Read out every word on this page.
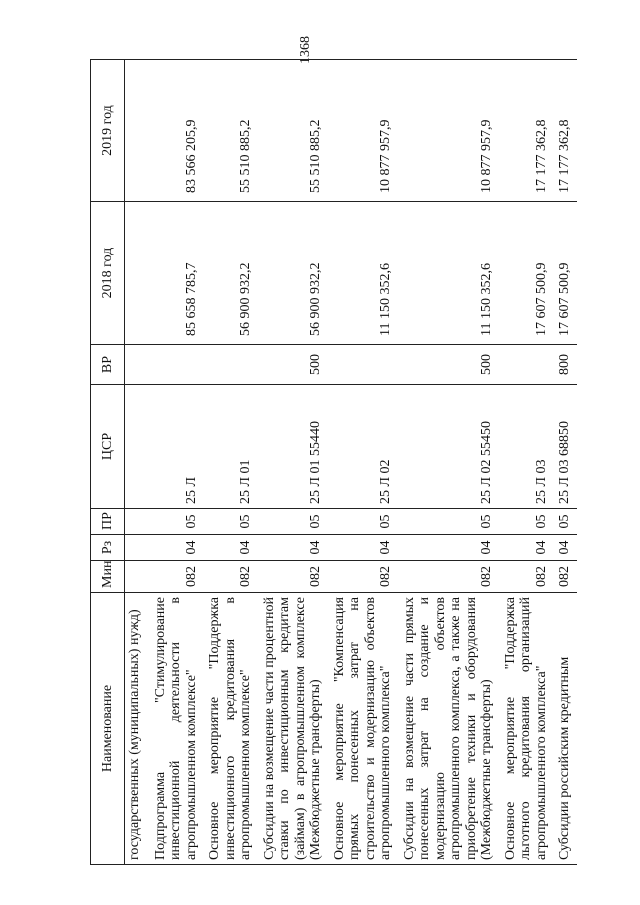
1368
Наименование	Мин	Рз	ПР	ЦСР	ВР	2018 год	2019 год
государственных (муниципальных) нужд)							
Подпрограмма "Стимулирование инвестиционной деятельности в агропромышленном комплексе"	082	04	05	25 Л		85 658 785,7	83 566 205,9
Основное мероприятие "Поддержка инвестиционного кредитования в агропромышленном комплексе"	082	04	05	25 Л 01		56 900 932,2	55 510 885,2
Субсидии на возмещение части процентной ставки по инвестиционным кредитам (займам) в агропромышленном комплексе (Межбюджетные трансферты)	082	04	05	25 Л 01 55440	500	56 900 932,2	55 510 885,2
Основное мероприятие "Компенсация прямых понесенных затрат на строительство и модернизацию объектов агропромышленного комплекса"	082	04	05	25 Л 02		11 150 352,6	10 877 957,9
Субсидии на возмещение части прямых понесенных затрат на создание и модернизацию объектов агропромышленного комплекса, а также на приобретение техники и оборудования (Межбюджетные трансферты)	082	04	05	25 Л 02 55450	500	11 150 352,6	10 877 957,9
Основное мероприятие "Поддержка льготного кредитования организаций агропромышленного комплекса"	082	04	05	25 Л 03		17 607 500,9	17 177 362,8
Субсидии российским кредитным	082	04	05	25 Л 03 68850	800	17 607 500,9	17 177 362,8
